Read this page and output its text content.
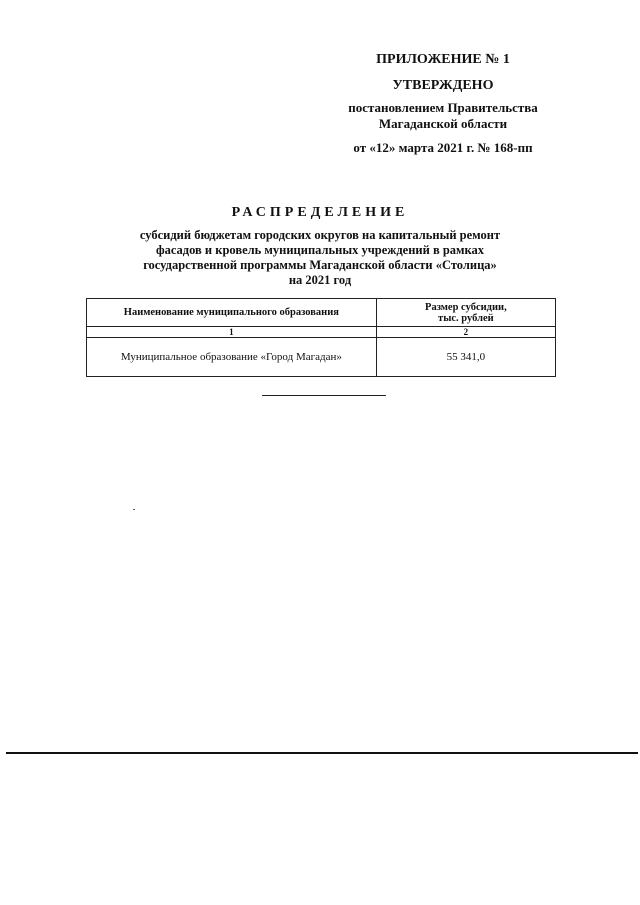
ПРИЛОЖЕНИЕ № 1
УТВЕРЖДЕНО
постановлением Правительства
Магаданской области
от «12» марта 2021 г. № 168-пп
РАСПРЕДЕЛЕНИЕ
субсидий бюджетам городских округов на капитальный ремонт
фасадов и кровель муниципальных учреждений в рамках
государственной программы Магаданской области «Столица»
на 2021 год
Наименование муниципального образования	Размер субсидии,
тыс. рублей

1	2
Муниципальное образование «Город Магадан»	55 341,0
